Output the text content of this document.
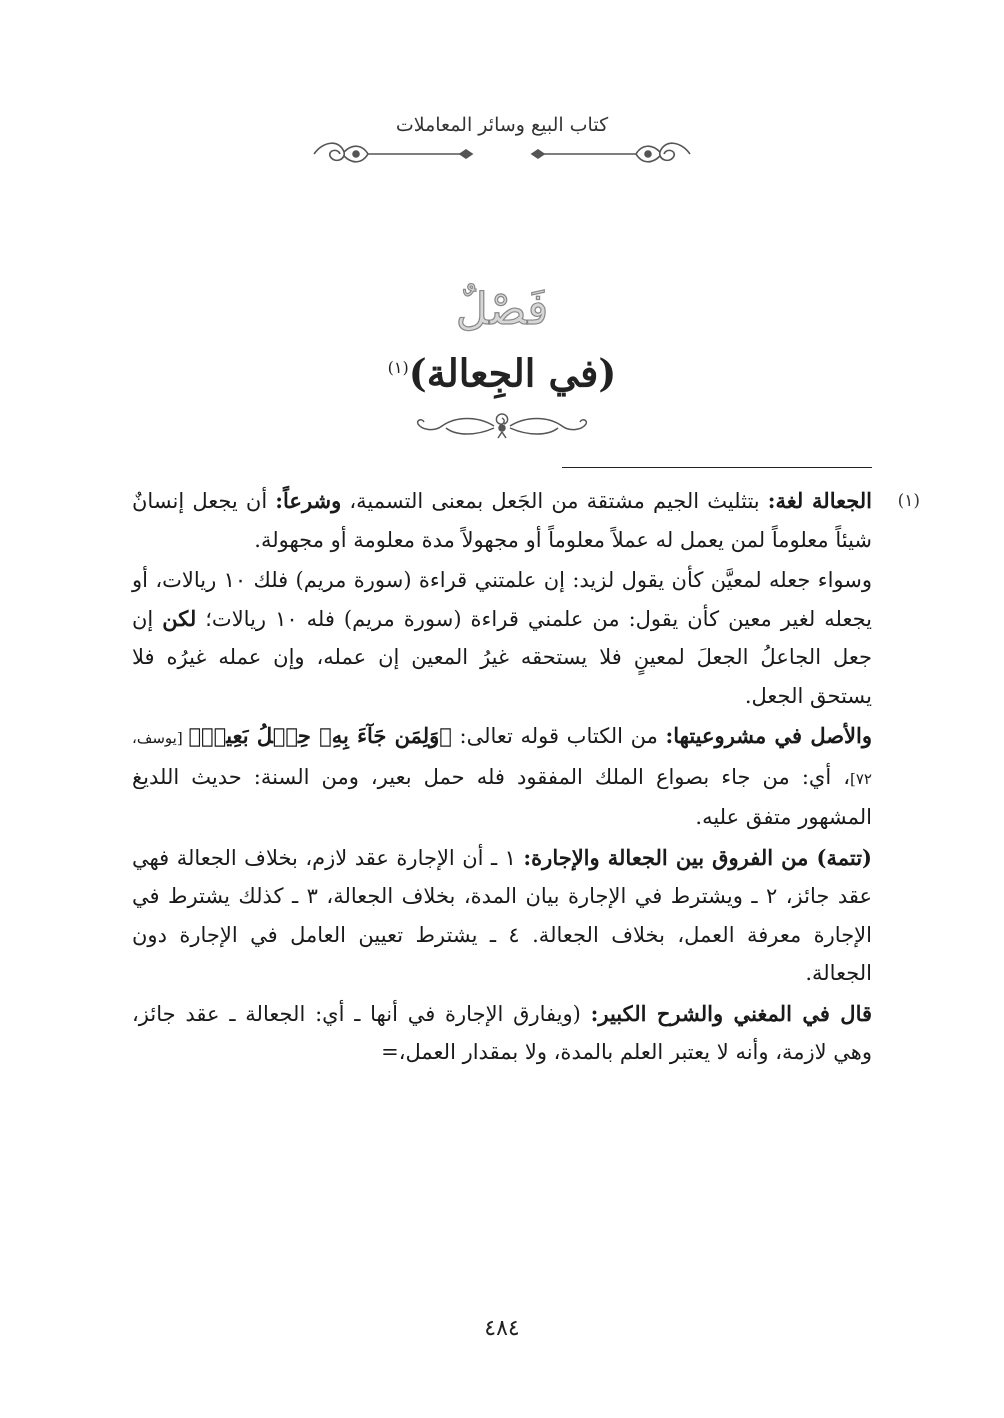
كتاب البيع وسائر المعاملات
فَصْلٌ
(في الجِعالة)$^{(١)}$
(١)

الجعالة لغة: بتثليث الجيم مشتقة من الجَعل بمعنى التسمية، وشرعاً: أن يجعل إنسانٌ شيئاً معلوماً لمن يعمل له عملاً معلوماً أو مجهولاً مدة معلومة أو مجهولة.

وسواء جعله لمعيَّن كأن يقول لزيد: إن علمتني قراءة (سورة مريم) فلك ١٠ ريالات، أو يجعله لغير معين كأن يقول: من علمني قراءة (سورة مريم) فله ١٠ ريالات؛ لكن إن جعل الجاعلُ الجعلَ لمعينٍ فلا يستحقه غيرُ المعين إن عمله، وإن عمله غيرُه فلا يستحق الجعل.

والأصل في مشروعيتها: من الكتاب قوله تعالى: ﴿وَلِمَن جَآءَ بِهِۦ حِمۡلُ بَعِيرٖ﴾ [يوسف، ٧٢]، أي: من جاء بصواع الملك المفقود فله حمل بعير، ومن السنة: حديث اللديغ المشهور متفق عليه.

(تتمة) من الفروق بين الجعالة والإجارة: ١ ـ أن الإجارة عقد لازم، بخلاف الجعالة فهي عقد جائز، ٢ ـ ويشترط في الإجارة بيان المدة، بخلاف الجعالة، ٣ ـ كذلك يشترط في الإجارة معرفة العمل، بخلاف الجعالة. ٤ ـ يشترط تعيين العامل في الإجارة دون الجعالة.

قال في المغني والشرح الكبير: (ويفارق الإجارة في أنها ـ أي: الجعالة ـ عقد جائز، وهي لازمة، وأنه لا يعتبر العلم بالمدة، ولا بمقدار العمل،=

٤٨٤
